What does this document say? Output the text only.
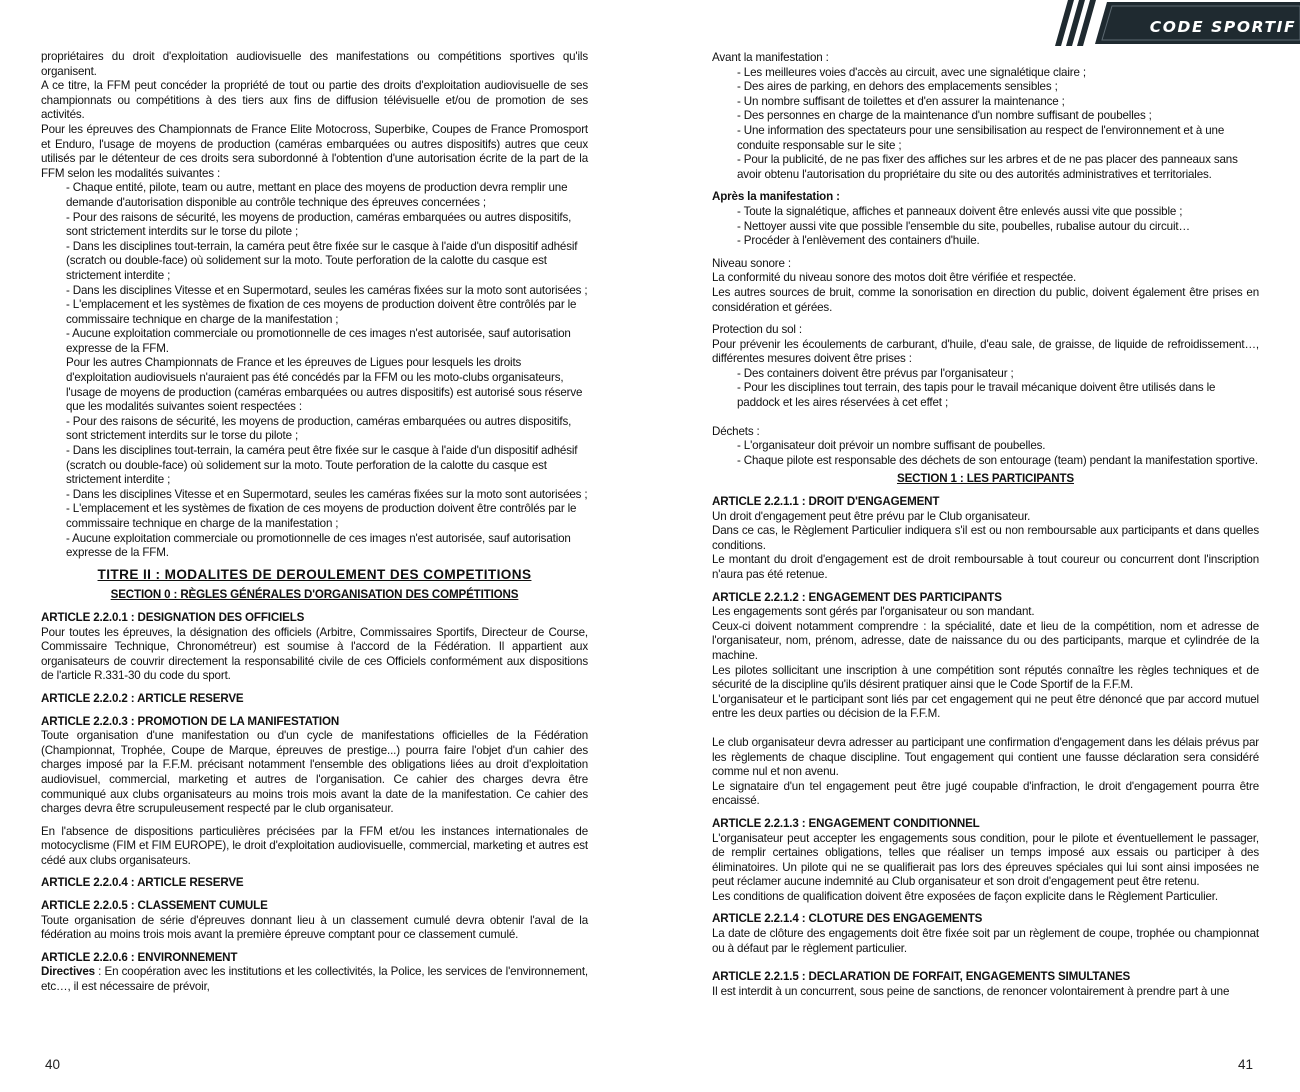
propriétaires du droit d'exploitation audiovisuelle des manifestations ou compétitions sportives qu'ils organisent.

A ce titre, la FFM peut concéder la propriété de tout ou partie des droits d'exploitation audiovisuelle de ses championnats ou compétitions à des tiers aux fins de diffusion télévisuelle et/ou de promotion de ses activités.

Pour les épreuves des Championnats de France Elite Motocross, Superbike, Coupes de France Promosport et Enduro, l'usage de moyens de production (caméras embarquées ou autres dispositifs) autres que ceux utilisés par le détenteur de ces droits sera subordonné à l'obtention d'une autorisation écrite de la part de la FFM selon les modalités suivantes :

- Chaque entité, pilote, team ou autre, mettant en place des moyens de production devra remplir une demande d'autorisation disponible au contrôle technique des épreuves concernées ;

- Pour des raisons de sécurité, les moyens de production, caméras embarquées ou autres dispositifs, sont strictement interdits sur le torse du pilote ;

- Dans les disciplines tout-terrain, la caméra peut être fixée sur le casque à l'aide d'un dispositif adhésif (scratch ou double-face) où solidement sur la moto. Toute perforation de la calotte du casque est strictement interdite ;

- Dans les disciplines Vitesse et en Supermotard, seules les caméras fixées sur la moto sont autorisées ;

- L'emplacement et les systèmes de fixation de ces moyens de production doivent être contrôlés par le commissaire technique en charge de la manifestation ;

- Aucune exploitation commerciale ou promotionnelle de ces images n'est autorisée, sauf autorisation expresse de la FFM.

Pour les autres Championnats de France et les épreuves de Ligues pour lesquels les droits d'exploitation audiovisuels n'auraient pas été concédés par la FFM ou les moto-clubs organisateurs, l'usage de moyens de production (caméras embarquées ou autres dispositifs) est autorisé sous réserve que les modalités suivantes soient respectées :

- Pour des raisons de sécurité, les moyens de production, caméras embarquées ou autres dispositifs, sont strictement interdits sur le torse du pilote ;

- Dans les disciplines tout-terrain, la caméra peut être fixée sur le casque à l'aide d'un dispositif adhésif (scratch ou double-face) où solidement sur la moto. Toute perforation de la calotte du casque est strictement interdite ;

- Dans les disciplines Vitesse et en Supermotard, seules les caméras fixées sur la moto sont autorisées ;

- L'emplacement et les systèmes de fixation de ces moyens de production doivent être contrôlés par le commissaire technique en charge de la manifestation ;

- Aucune exploitation commerciale ou promotionnelle de ces images n'est autorisée, sauf autorisation expresse de la FFM.

TITRE II : MODALITES DE DEROULEMENT DES COMPETITIONS

SECTION 0 : RÈGLES GÉNÉRALES D'ORGANISATION DES COMPÉTITIONS

ARTICLE 2.2.0.1 : DESIGNATION DES OFFICIELS

Pour toutes les épreuves, la désignation des officiels (Arbitre, Commissaires Sportifs, Directeur de Course, Commissaire Technique, Chronométreur) est soumise à l'accord de la Fédération. Il appartient aux organisateurs de couvrir directement la responsabilité civile de ces Officiels conformément aux dispositions de l'article R.331-30 du code du sport.

ARTICLE 2.2.0.2 : ARTICLE RESERVE

ARTICLE 2.2.0.3 : PROMOTION DE LA MANIFESTATION

Toute organisation d'une manifestation ou d'un cycle de manifestations officielles de la Fédération (Championnat, Trophée, Coupe de Marque, épreuves de prestige...) pourra faire l'objet d'un cahier des charges imposé par la F.F.M. précisant notamment l'ensemble des obligations liées au droit d'exploitation audiovisuel, commercial, marketing et autres de l'organisation. Ce cahier des charges devra être communiqué aux clubs organisateurs au moins trois mois avant la date de la manifestation. Ce cahier des charges devra être scrupuleusement respecté par le club organisateur.

En l'absence de dispositions particulières précisées par la FFM et/ou les instances internationales de motocyclisme (FIM et FIM EUROPE), le droit d'exploitation audiovisuelle, commercial, marketing et autres est cédé aux clubs organisateurs.

ARTICLE 2.2.0.4 : ARTICLE RESERVE

ARTICLE 2.2.0.5 : CLASSEMENT CUMULE

Toute organisation de série d'épreuves donnant lieu à un classement cumulé devra obtenir l'aval de la fédération au moins trois mois avant la première épreuve comptant pour ce classement cumulé.

ARTICLE 2.2.0.6 : ENVIRONNEMENT

Directives : En coopération avec les institutions et les collectivités, la Police, les services de l'environnement, etc…, il est nécessaire de prévoir,

40
CODE SPORTIF

Avant la manifestation :

- Les meilleures voies d'accès au circuit, avec une signalétique claire ;

- Des aires de parking, en dehors des emplacements sensibles ;

- Un nombre suffisant de toilettes et d'en assurer la maintenance ;

- Des personnes en charge de la maintenance d'un nombre suffisant de poubelles ;

- Une information des spectateurs pour une sensibilisation au respect de l'environnement et à une conduite responsable sur le site ;

- Pour la publicité, de ne pas fixer des affiches sur les arbres et de ne pas placer des panneaux sans avoir obtenu l'autorisation du propriétaire du site ou des autorités administratives et territoriales.

Après la manifestation :

- Toute la signalétique, affiches et panneaux doivent être enlevés aussi vite que possible ;

- Nettoyer aussi vite que possible l'ensemble du site, poubelles, rubalise autour du circuit…

- Procéder à l'enlèvement des containers d'huile.

Niveau sonore :

La conformité du niveau sonore des motos doit être vérifiée et respectée.

Les autres sources de bruit, comme la sonorisation en direction du public, doivent également être prises en considération et gérées.

Protection du sol :

Pour prévenir les écoulements de carburant, d'huile, d'eau sale, de graisse, de liquide de refroidissement…, différentes mesures doivent être prises :

- Des containers doivent être prévus par l'organisateur ;

- Pour les disciplines tout terrain, des tapis pour le travail mécanique doivent être utilisés dans le paddock et les aires réservées à cet effet ;

Déchets :

- L'organisateur doit prévoir un nombre suffisant de poubelles.

- Chaque pilote est responsable des déchets de son entourage (team) pendant la manifestation sportive.

SECTION 1 : LES PARTICIPANTS

ARTICLE 2.2.1.1 : DROIT D'ENGAGEMENT

Un droit d'engagement peut être prévu par le Club organisateur.

Dans ce cas, le Règlement Particulier indiquera s'il est ou non remboursable aux participants et dans quelles conditions.

Le montant du droit d'engagement est de droit remboursable à tout coureur ou concurrent dont l'inscription n'aura pas été retenue.

ARTICLE 2.2.1.2 : ENGAGEMENT DES PARTICIPANTS

Les engagements sont gérés par l'organisateur ou son mandant.

Ceux-ci doivent notamment comprendre : la spécialité, date et lieu de la compétition, nom et adresse de l'organisateur, nom, prénom, adresse, date de naissance du ou des participants, marque et cylindrée de la machine.

Les pilotes sollicitant une inscription à une compétition sont réputés connaître les règles techniques et de sécurité de la discipline qu'ils désirent pratiquer ainsi que le Code Sportif de la F.F.M.

L'organisateur et le participant sont liés par cet engagement qui ne peut être dénoncé que par accord mutuel entre les deux parties ou décision de la F.F.M.

Le club organisateur devra adresser au participant une confirmation d'engagement dans les délais prévus par les règlements de chaque discipline. Tout engagement qui contient une fausse déclaration sera considéré comme nul et non avenu.

Le signataire d'un tel engagement peut être jugé coupable d'infraction, le droit d'engagement pourra être encaissé.

ARTICLE 2.2.1.3 : ENGAGEMENT CONDITIONNEL

L'organisateur peut accepter les engagements sous condition, pour le pilote et éventuellement le passager, de remplir certaines obligations, telles que réaliser un temps imposé aux essais ou participer à des éliminatoires. Un pilote qui ne se qualifierait pas lors des épreuves spéciales qui lui sont ainsi imposées ne peut réclamer aucune indemnité au Club organisateur et son droit d'engagement peut être retenu.

Les conditions de qualification doivent être exposées de façon explicite dans le Règlement Particulier.

ARTICLE 2.2.1.4 : CLOTURE DES ENGAGEMENTS

La date de clôture des engagements doit être fixée soit par un règlement de coupe, trophée ou championnat ou à défaut par le règlement particulier.

ARTICLE 2.2.1.5 : DECLARATION DE FORFAIT, ENGAGEMENTS SIMULTANES

Il est interdit à un concurrent, sous peine de sanctions, de renoncer volontairement à prendre part à une

41
